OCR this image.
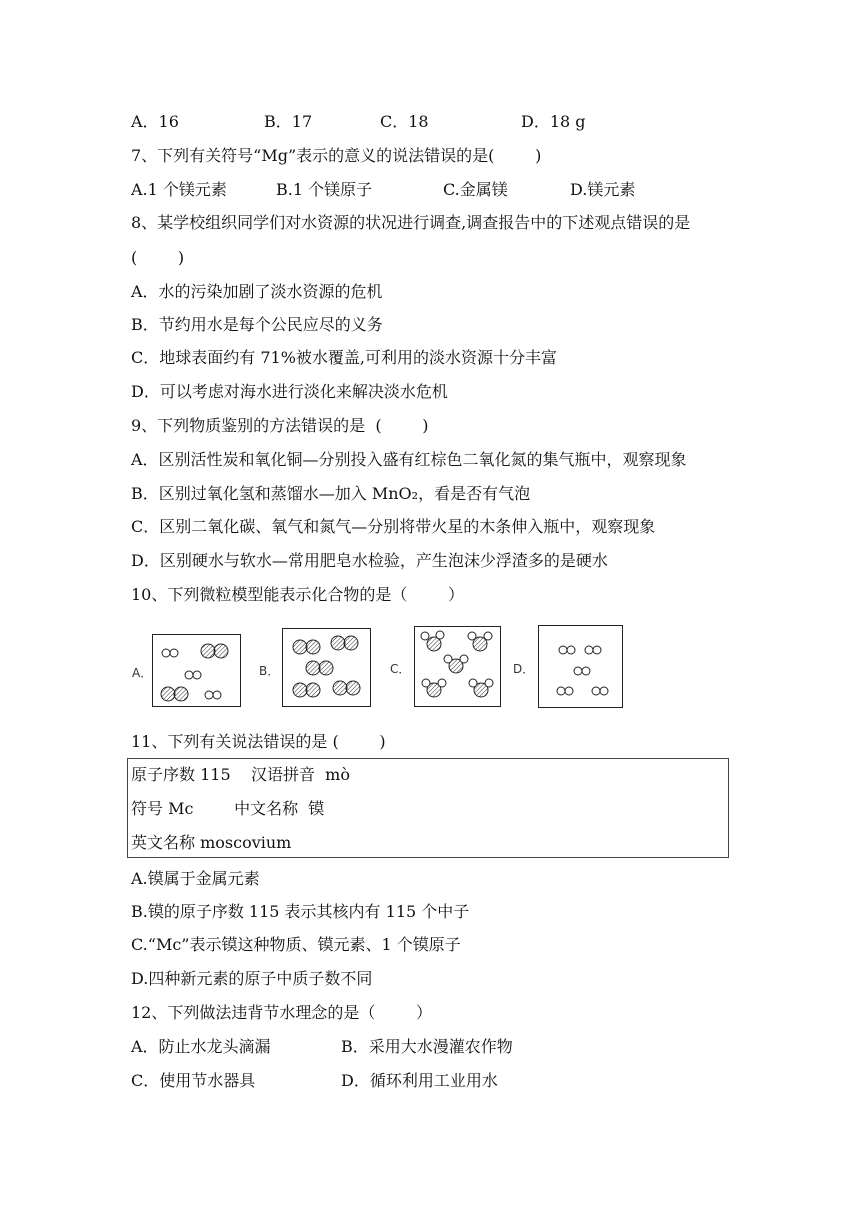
A．16	B．17	C．18	D．18 g
7、下列有关符号“Mg”表示的意义的说法错误的是(        )
A.1 个镁元素	B.1 个镁原子	C.金属镁	D.镁元素
8、某学校组织同学们对水资源的状况进行调查,调查报告中的下述观点错误的是
(        )
A．水的污染加剧了淡水资源的危机
B．节约用水是每个公民应尽的义务
C．地球表面约有 71%被水覆盖,可利用的淡水资源十分丰富
D．可以考虑对海水进行淡化来解决淡水危机
9、下列物质鉴别的方法错误的是  (        )
A．区别活性炭和氧化铜—分别投入盛有红棕色二氧化氮的集气瓶中，观察现象
B．区别过氧化氢和蒸馏水—加入 MnO₂，看是否有气泡
C．区别二氧化碳、氧气和氮气—分别将带火星的木条伸入瓶中，观察现象
D．区别硬水与软水—常用肥皂水检验，产生泡沫少浮渣多的是硬水
10、下列微粒模型能表示化合物的是（        ）
A．	B．	C．	D．
11、下列有关说法错误的是 (        )
原子序数 115    汉语拼音  mò
符号 Mc        中文名称  镆
英文名称 moscovium
A.镆属于金属元素
B.镆的原子序数 115 表示其核内有 115 个中子
C.“Mc”表示镆这种物质、镆元素、1 个镆原子
D.四种新元素的原子中质子数不同
12、下列做法违背节水理念的是（        ）
A．防止水龙头滴漏	B．采用大水漫灌农作物
C．使用节水器具	D．循环利用工业用水
